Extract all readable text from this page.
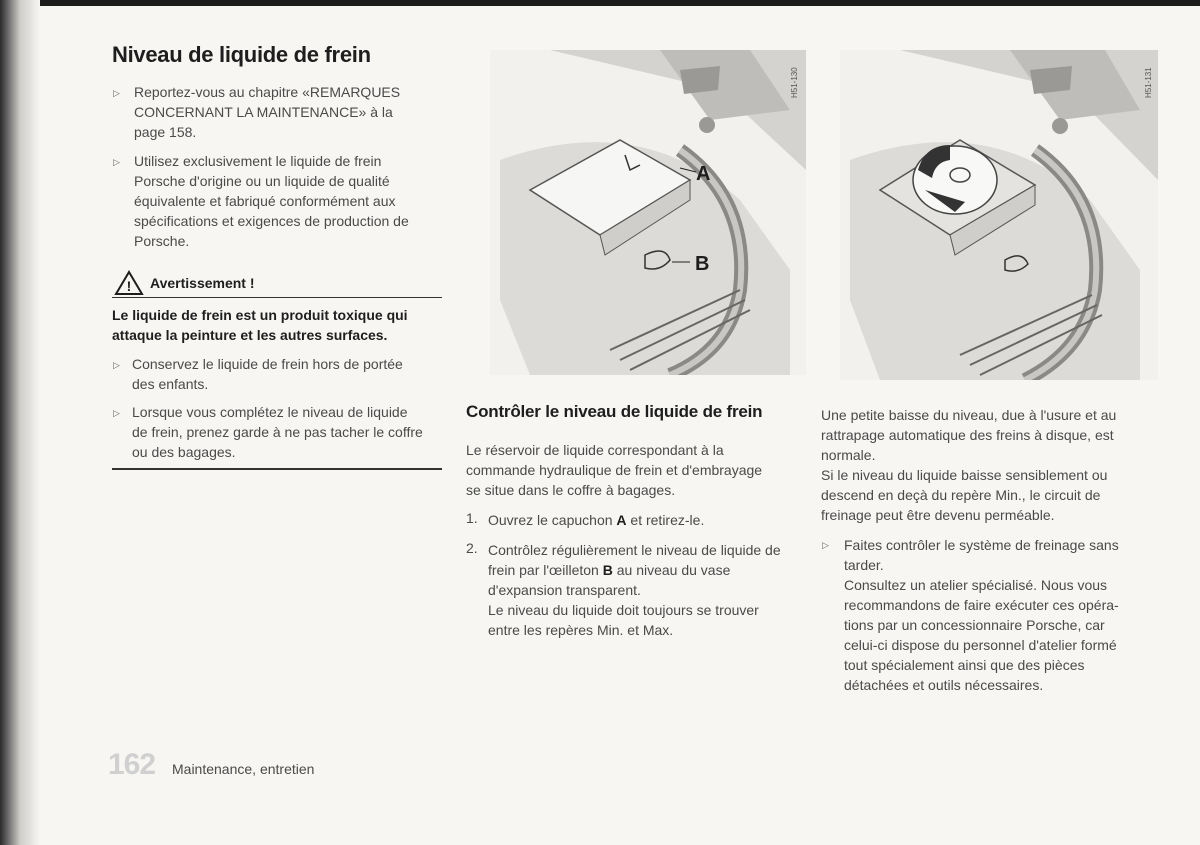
Niveau de liquide de frein
▷ Reportez-vous au chapitre «REMARQUES
CONCERNANT LA MAINTENANCE» à la
page 158.
▷ Utilisez exclusivement le liquide de frein
Porsche d'origine ou un liquide de qualité
équivalente et fabriqué conformément aux
spécifications et exigences de production de
Porsche.
! Avertissement !
Le liquide de frein est un produit toxique qui
attaque la peinture et les autres surfaces.
▷ Conservez le liquide de frein hors de portée
des enfants.
▷ Lorsque vous complétez le niveau de liquide
de frein, prenez garde à ne pas tacher le coffre
ou des bagages.
A
B
H51-130	H51-131
Contrôler le niveau de liquide de frein
Le réservoir de liquide correspondant à la
commande hydraulique de frein et d'embrayage
se situe dans le coffre à bagages.
1. Ouvrez le capuchon A et retirez-le.
2. Contrôlez régulièrement le niveau de liquide de
frein par l'œilleton B au niveau du vase
d'expansion transparent.
Le niveau du liquide doit toujours se trouver
entre les repères Min. et Max.
Une petite baisse du niveau, due à l'usure et au
rattrapage automatique des freins à disque, est
normale.
Si le niveau du liquide baisse sensiblement ou
descend en deçà du repère Min., le circuit de
freinage peut être devenu perméable.
▷ Faites contrôler le système de freinage sans
tarder.
Consultez un atelier spécialisé. Nous vous
recommandons de faire exécuter ces opéra-
tions par un concessionnaire Porsche, car
celui-ci dispose du personnel d'atelier formé
tout spécialement ainsi que des pièces
détachées et outils nécessaires.
162 Maintenance, entretien
